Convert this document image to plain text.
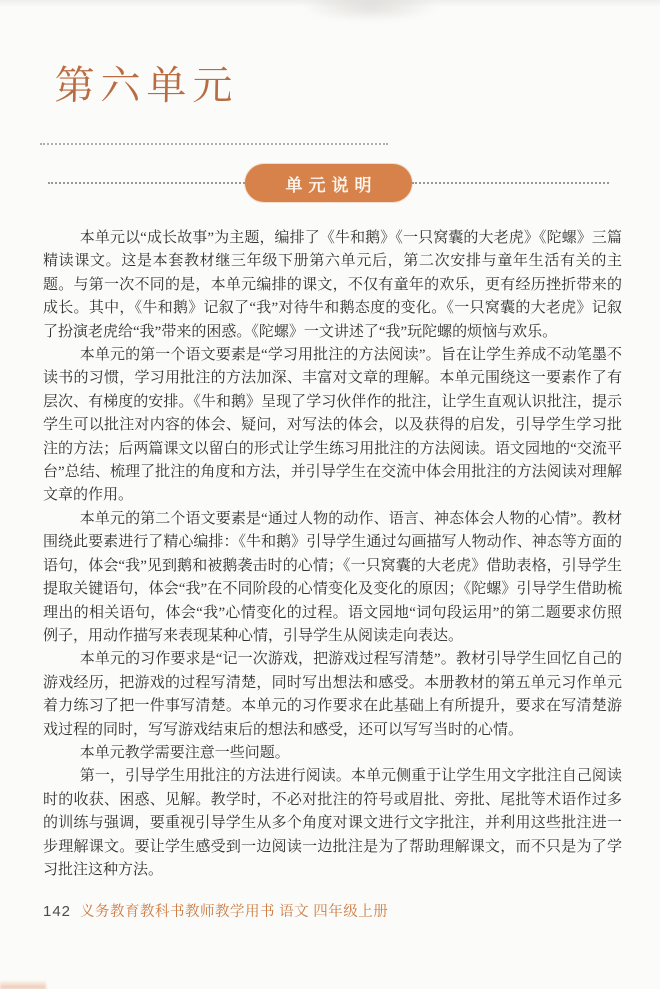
第六单元
单元说明

本单元以“成长故事”为主题，编排了《牛和鹅》《一只窝囊的大老虎》《陀螺》三篇精读课文。这是本套教材继三年级下册第六单元后，第二次安排与童年生活有关的主题。与第一次不同的是，本单元编排的课文，不仅有童年的欢乐，更有经历挫折带来的成长。其中，《牛和鹅》记叙了“我”对待牛和鹅态度的变化。《一只窝囊的大老虎》记叙了扮演老虎给“我”带来的困惑。《陀螺》一文讲述了“我”玩陀螺的烦恼与欢乐。

本单元的第一个语文要素是“学习用批注的方法阅读”。旨在让学生养成不动笔墨不读书的习惯，学习用批注的方法加深、丰富对文章的理解。本单元围绕这一要素作了有层次、有梯度的安排。《牛和鹅》呈现了学习伙伴作的批注，让学生直观认识批注，提示学生可以批注对内容的体会、疑问，对写法的体会，以及获得的启发，引导学生学习批注的方法；后两篇课文以留白的形式让学生练习用批注的方法阅读。语文园地的“交流平台”总结、梳理了批注的角度和方法，并引导学生在交流中体会用批注的方法阅读对理解文章的作用。

本单元的第二个语文要素是“通过人物的动作、语言、神态体会人物的心情”。教材围绕此要素进行了精心编排：《牛和鹅》引导学生通过勾画描写人物动作、神态等方面的语句，体会“我”见到鹅和被鹅袭击时的心情；《一只窝囊的大老虎》借助表格，引导学生提取关键语句，体会“我”在不同阶段的心情变化及变化的原因；《陀螺》引导学生借助梳理出的相关语句，体会“我”心情变化的过程。语文园地“词句段运用”的第二题要求仿照例子，用动作描写来表现某种心情，引导学生从阅读走向表达。

本单元的习作要求是“记一次游戏，把游戏过程写清楚”。教材引导学生回忆自己的游戏经历，把游戏的过程写清楚，同时写出想法和感受。本册教材的第五单元习作单元着力练习了把一件事写清楚。本单元的习作要求在此基础上有所提升，要求在写清楚游戏过程的同时，写写游戏结束后的想法和感受，还可以写写当时的心情。

本单元教学需要注意一些问题。

第一，引导学生用批注的方法进行阅读。本单元侧重于让学生用文字批注自己阅读时的收获、困惑、见解。教学时，不必对批注的符号或眉批、旁批、尾批等术语作过多的训练与强调，要重视引导学生从多个角度对课文进行文字批注，并利用这些批注进一步理解课文。要让学生感受到一边阅读一边批注是为了帮助理解课文，而不只是为了学习批注这种方法。

142 义务教育教科书教师教学用书 语文 四年级上册
